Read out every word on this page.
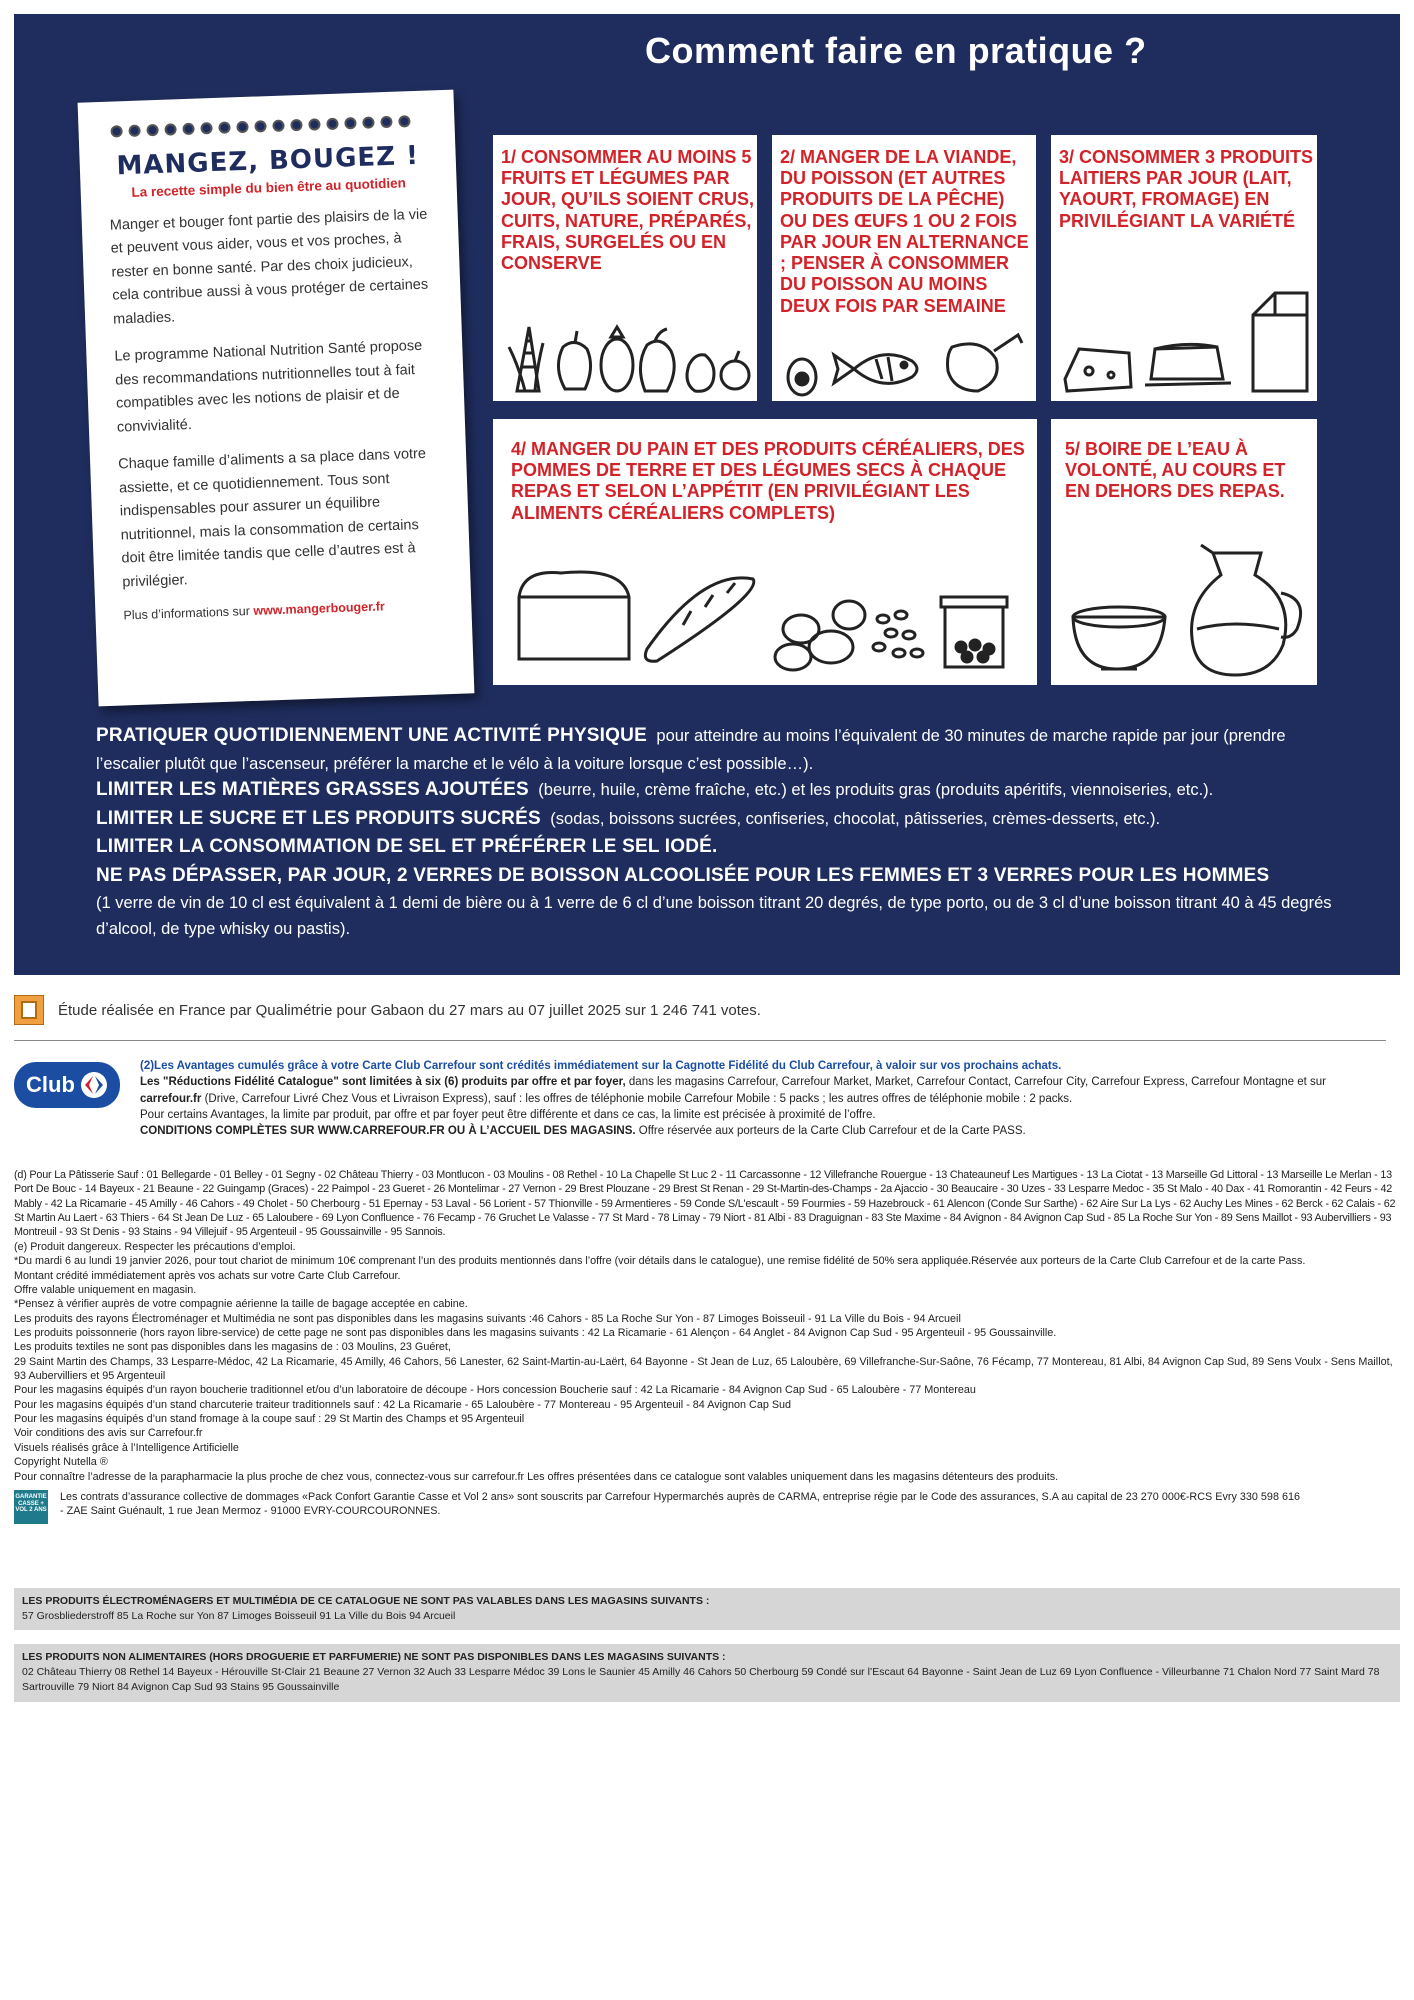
Comment faire en pratique ?
MANGEZ, BOUGEZ !
La recette simple du bien être au quotidien

Manger et bouger font partie des plaisirs de la vie et peuvent vous aider, vous et vos proches, à rester en bonne santé. Par des choix judicieux, cela contribue aussi à vous protéger de certaines maladies.

Le programme National Nutrition Santé propose des recommandations nutritionnelles tout à fait compatibles avec les notions de plaisir et de convivialité.

Chaque famille d’aliments a sa place dans votre assiette, et ce quotidiennement. Tous sont indispensables pour assurer un équilibre nutritionnel, mais la consommation de certains doit être limitée tandis que celle d’autres est à privilégier.

Plus d’informations sur www.mangerbouger.fr

1/ CONSOMMER AU MOINS 5 FRUITS ET LÉGUMES PAR JOUR, QU’ILS SOIENT CRUS, CUITS, NATURE, PRÉPARÉS, FRAIS, SURGELÉS OU EN CONSERVE
2/ MANGER DE LA VIANDE, DU POISSON (ET AUTRES PRODUITS DE LA PÊCHE) OU DES ŒUFS 1 OU 2 FOIS PAR JOUR EN ALTERNANCE ; PENSER À CONSOMMER DU POISSON AU MOINS DEUX FOIS PAR SEMAINE
3/ CONSOMMER 3 PRODUITS LAITIERS PAR JOUR (LAIT, YAOURT, FROMAGE) EN PRIVILÉGIANT LA VARIÉTÉ
4/ MANGER DU PAIN ET DES PRODUITS CÉRÉALIERS, DES POMMES DE TERRE ET DES LÉGUMES SECS À CHAQUE REPAS ET SELON L’APPÉTIT (EN PRIVILÉGIANT LES ALIMENTS CÉRÉALIERS COMPLETS)
5/ BOIRE DE L’EAU À VOLONTÉ, AU COURS ET EN DEHORS DES REPAS.

PRATIQUER QUOTIDIENNEMENT UNE ACTIVITÉ PHYSIQUE pour atteindre au moins l’équivalent de 30 minutes de marche rapide par jour (prendre l’escalier plutôt que l’ascenseur, préférer la marche et le vélo à la voiture lorsque c’est possible…).

LIMITER LES MATIÈRES GRASSES AJOUTÉES (beurre, huile, crème fraîche, etc.) et les produits gras (produits apéritifs, viennoiseries, etc.).

LIMITER LE SUCRE ET LES PRODUITS SUCRÉS (sodas, boissons sucrées, confiseries, chocolat, pâtisseries, crèmes-desserts, etc.).

LIMITER LA CONSOMMATION DE SEL ET PRÉFÉRER LE SEL IODÉ.

NE PAS DÉPASSER, PAR JOUR, 2 VERRES DE BOISSON ALCOOLISÉE POUR LES FEMMES ET 3 VERRES POUR LES HOMMES

(1 verre de vin de 10 cl est équivalent à 1 demi de bière ou à 1 verre de 6 cl d’une boisson titrant 20 degrés, de type porto, ou de 3 cl d’une boisson titrant 40 à 45 degrés d’alcool, de type whisky ou pastis).

Étude réalisée en France par Qualimétrie pour Gabaon du 27 mars au 07 juillet 2025 sur 1 246 741 votes.
Club
(2)Les Avantages cumulés grâce à votre Carte Club Carrefour sont crédités immédiatement sur la Cagnotte Fidélité du Club Carrefour, à valoir sur vos prochains achats.
Les "Réductions Fidélité Catalogue" sont limitées à six (6) produits par offre et par foyer, dans les magasins Carrefour, Carrefour Market, Market, Carrefour Contact, Carrefour City, Carrefour Express, Carrefour Montagne et sur
carrefour.fr (Drive, Carrefour Livré Chez Vous et Livraison Express), sauf : les offres de téléphonie mobile Carrefour Mobile : 5 packs ; les autres offres de téléphonie mobile : 2 packs.
Pour certains Avantages, la limite par produit, par offre et par foyer peut être différente et dans ce cas, la limite est précisée à proximité de l’offre.
CONDITIONS COMPLÈTES SUR WWW.CARREFOUR.FR OU À L’ACCUEIL DES MAGASINS. Offre réservée aux porteurs de la Carte Club Carrefour et de la Carte PASS.

(d) Pour La Pâtisserie Sauf : 01 Bellegarde - 01 Belley - 01 Segny - 02 Château Thierry - 03 Montlucon - 03 Moulins - 08 Rethel - 10 La Chapelle St Luc 2 - 11 Carcassonne - 12 Villefranche Rouergue - 13 Chateauneuf Les Martigues - 13 La Ciotat - 13 Marseille Gd Littoral - 13 Marseille Le Merlan - 13 Port De Bouc - 14 Bayeux - 21 Beaune - 22 Guingamp (Graces) - 22 Paimpol - 23 Gueret - 26 Montelimar - 27 Vernon - 29 Brest Plouzane - 29 Brest St Renan - 29 St-Martin-des-Champs - 2a Ajaccio - 30 Beaucaire - 30 Uzes - 33 Lesparre Medoc - 35 St Malo - 40 Dax - 41 Romorantin - 42 Feurs - 42 Mably - 42 La Ricamarie - 45 Amilly - 46 Cahors - 49 Cholet - 50 Cherbourg - 51 Epernay - 53 Laval - 56 Lorient - 57 Thionville - 59 Armentieres - 59 Conde S/L'escault - 59 Fourmies - 59 Hazebrouck - 61 Alencon (Conde Sur Sarthe) - 62 Aire Sur La Lys - 62 Auchy Les Mines - 62 Berck - 62 Calais - 62 St Martin Au Laert - 63 Thiers - 64 St Jean De Luz - 65 Laloubere - 69 Lyon Confluence - 76 Fecamp - 76 Gruchet Le Valasse - 77 St Mard - 78 Limay - 79 Niort - 81 Albi - 83 Draguignan - 83 Ste Maxime - 84 Avignon - 84 Avignon Cap Sud - 85 La Roche Sur Yon - 89 Sens Maillot - 93 Aubervilliers - 93 Montreuil - 93 St Denis - 93 Stains - 94 Villejuif - 95 Argenteuil - 95 Goussainville - 95 Sannois.

(e) Produit dangereux. Respecter les précautions d’emploi.

*Du mardi 6 au lundi 19 janvier 2026, pour tout chariot de minimum 10€ comprenant l’un des produits mentionnés dans l’offre (voir détails dans le catalogue), une remise fidélité de 50% sera appliquée.Réservée aux porteurs de la Carte Club Carrefour et de la carte Pass.

Montant crédité immédiatement après vos achats sur votre Carte Club Carrefour.

Offre valable uniquement en magasin.

*Pensez à vérifier auprès de votre compagnie aérienne la taille de bagage acceptée en cabine.

Les produits des rayons Électroménager et Multimédia ne sont pas disponibles dans les magasins suivants :46 Cahors - 85 La Roche Sur Yon - 87 Limoges Boisseuil - 91 La Ville du Bois - 94 Arcueil

Les produits poissonnerie (hors rayon libre-service) de cette page ne sont pas disponibles dans les magasins suivants : 42 La Ricamarie - 61 Alençon - 64 Anglet - 84 Avignon Cap Sud - 95 Argenteuil - 95 Goussainville.

Les produits textiles ne sont pas disponibles dans les magasins de : 03 Moulins, 23 Guéret,

29 Saint Martin des Champs, 33 Lesparre-Médoc, 42 La Ricamarie, 45 Amilly, 46 Cahors, 56 Lanester, 62 Saint-Martin-au-Laërt, 64 Bayonne - St Jean de Luz, 65 Laloubère, 69 Villefranche-Sur-Saône, 76 Fécamp, 77 Montereau, 81 Albi, 84 Avignon Cap Sud, 89 Sens Voulx - Sens Maillot, 93 Aubervilliers et 95 Argenteuil

Pour les magasins équipés d’un rayon boucherie traditionnel et/ou d’un laboratoire de découpe - Hors concession Boucherie sauf : 42 La Ricamarie - 84 Avignon Cap Sud - 65 Laloubère - 77 Montereau

Pour les magasins équipés d’un stand charcuterie traiteur traditionnels sauf : 42 La Ricamarie - 65 Laloubère - 77 Montereau - 95 Argenteuil - 84 Avignon Cap Sud

Pour les magasins équipés d’un stand fromage à la coupe sauf : 29 St Martin des Champs et 95 Argenteuil

Voir conditions des avis sur Carrefour.fr

Visuels réalisés grâce à l’Intelligence Artificielle

Copyright Nutella ®

Pour connaître l’adresse de la parapharmacie la plus proche de chez vous, connectez-vous sur carrefour.fr Les offres présentées dans ce catalogue sont valables uniquement dans les magasins détenteurs des produits.

GARANTIE CASSE + VOL 2 ANS

Les contrats d’assurance collective de dommages «Pack Confort Garantie Casse et Vol 2 ans» sont souscrits par Carrefour Hypermarchés auprès de CARMA, entreprise régie par le Code des assurances, S.A au capital de 23 270 000€-RCS Evry 330 598 616 - ZAE Saint Guénault, 1 rue Jean Mermoz - 91000 EVRY-COURCOURONNES.

LES PRODUITS ÉLECTROMÉNAGERS ET MULTIMÉDIA DE CE CATALOGUE NE SONT PAS VALABLES DANS LES MAGASINS SUIVANTS :
57 Grosbliederstroff 85 La Roche sur Yon 87 Limoges Boisseuil 91 La Ville du Bois 94 Arcueil
LES PRODUITS NON ALIMENTAIRES (HORS DROGUERIE ET PARFUMERIE) NE SONT PAS DISPONIBLES DANS LES MAGASINS SUIVANTS :
02 Château Thierry 08 Rethel 14 Bayeux - Hérouville St-Clair 21 Beaune 27 Vernon 32 Auch 33 Lesparre Médoc 39 Lons le Saunier 45 Amilly 46 Cahors 50 Cherbourg 59 Condé sur l’Escaut 64 Bayonne - Saint Jean de Luz 69 Lyon Confluence - Villeurbanne 71 Chalon Nord 77 Saint Mard 78 Sartrouville 79 Niort 84 Avignon Cap Sud 93 Stains 95 Goussainville
